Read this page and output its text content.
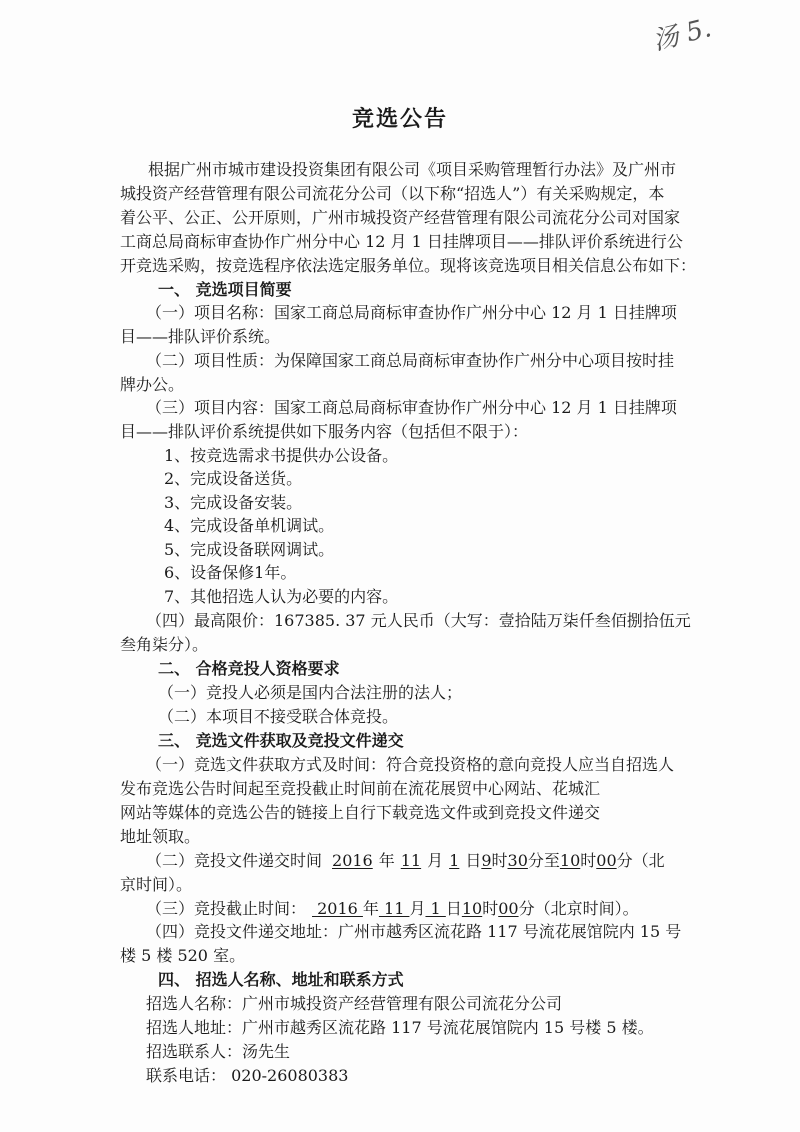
汤 5.
竞选公告
根据广州市城市建设投资集团有限公司《项目采购管理暂行办法》及广州市
城投资产经营管理有限公司流花分公司（以下称“招选人”）有关采购规定，本
着公平、公正、公开原则，广州市城投资产经营管理有限公司流花分公司对国家
工商总局商标审查协作广州分中心 12 月 1 日挂牌项目——排队评价系统进行公
开竞选采购，按竞选程序依法选定服务单位。现将该竞选项目相关信息公布如下：
一、 竞选项目简要
（一）项目名称：国家工商总局商标审查协作广州分中心 12 月 1 日挂牌项
目——排队评价系统。
（二）项目性质：为保障国家工商总局商标审查协作广州分中心项目按时挂
牌办公。
（三）项目内容：国家工商总局商标审查协作广州分中心 12 月 1 日挂牌项
目——排队评价系统提供如下服务内容（包括但不限于）：
1、按竞选需求书提供办公设备。
2、完成设备送货。
3、完成设备安装。
4、完成设备单机调试。
5、完成设备联网调试。
6、设备保修1年。
7、其他招选人认为必要的内容。
（四）最高限价：167385. 37 元人民币（大写：壹拾陆万柒仟叁佰捌拾伍元
叁角柒分）。
二、 合格竞投人资格要求
（一）竞投人必须是国内合法注册的法人；
（二）本项目不接受联合体竞投。
三、 竞选文件获取及竞投文件递交
（一）竞选文件获取方式及时间：符合竞投资格的意向竞投人应当自招选人
发布竞选公告时间起至竞投截止时间前在流花展贸中心网站、花城汇
网站等媒体的竞选公告的链接上自行下载竞选文件或到竞投文件递交
地址领取。
（二）竞投文件递交时间 2016 年 11 月 1 日9时30分至10时00分（北
京时间）。
（三）竞投截止时间： 2016 年 11 月 1 日10时00分（北京时间）。
（四）竞投文件递交地址：广州市越秀区流花路 117 号流花展馆院内 15 号
楼 5 楼 520 室。
四、 招选人名称、地址和联系方式
招选人名称：广州市城投资产经营管理有限公司流花分公司
招选人地址：广州市越秀区流花路 117 号流花展馆院内 15 号楼 5 楼。
招选联系人：汤先生
联系电话： 020-26080383
